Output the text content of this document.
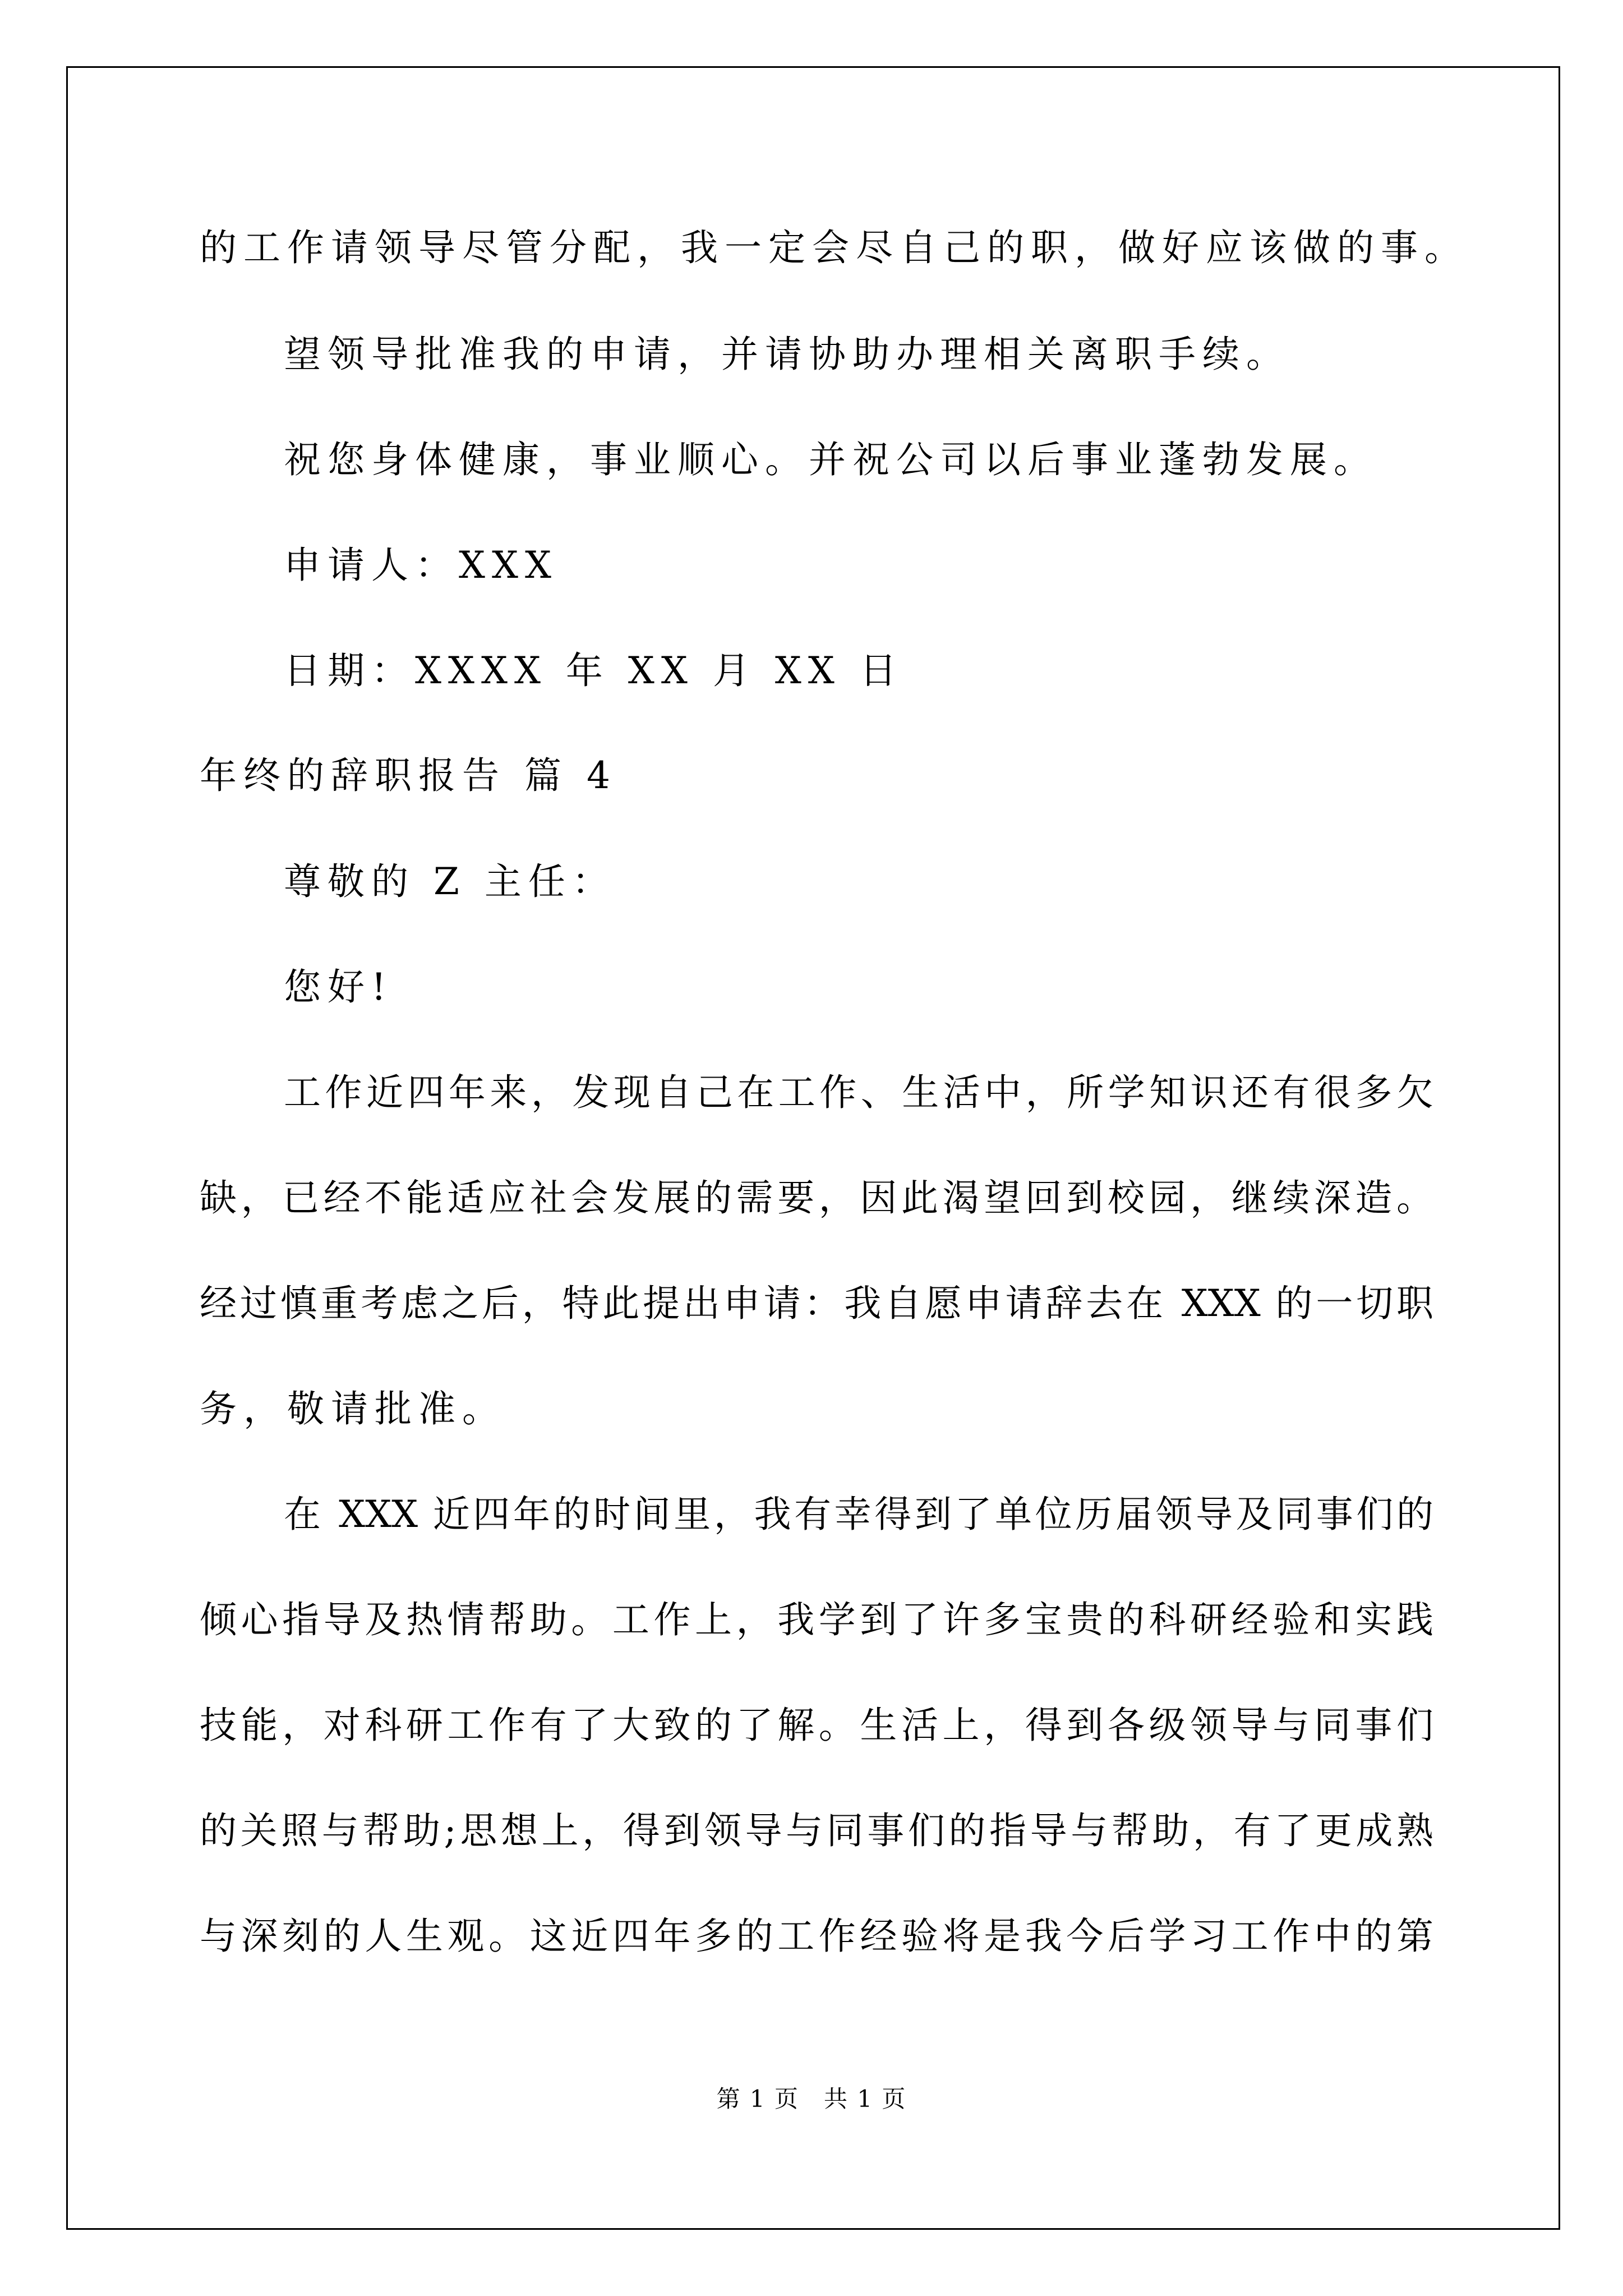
的工作请领导尽管分配，我一定会尽自己的职，做好应该做的事。
望领导批准我的申请，并请协助办理相关离职手续。
祝您身体健康，事业顺心。并祝公司以后事业蓬勃发展。
申请人：XXX
日期：XXXX 年 XX 月 XX 日
年终的辞职报告 篇 4
尊敬的 Z 主任：
您好!
工作近四年来，发现自己在工作、生活中，所学知识还有很多欠
缺，已经不能适应社会发展的需要，因此渴望回到校园，继续深造。
经过慎重考虑之后，特此提出申请：我自愿申请辞去在 XXX 的一切职
务，敬请批准。
在 XXX 近四年的时间里，我有幸得到了单位历届领导及同事们的
倾心指导及热情帮助。工作上，我学到了许多宝贵的科研经验和实践
技能，对科研工作有了大致的了解。生活上，得到各级领导与同事们
的关照与帮助;思想上，得到领导与同事们的指导与帮助，有了更成熟
与深刻的人生观。这近四年多的工作经验将是我今后学习工作中的第
第 1 页　共 1 页
